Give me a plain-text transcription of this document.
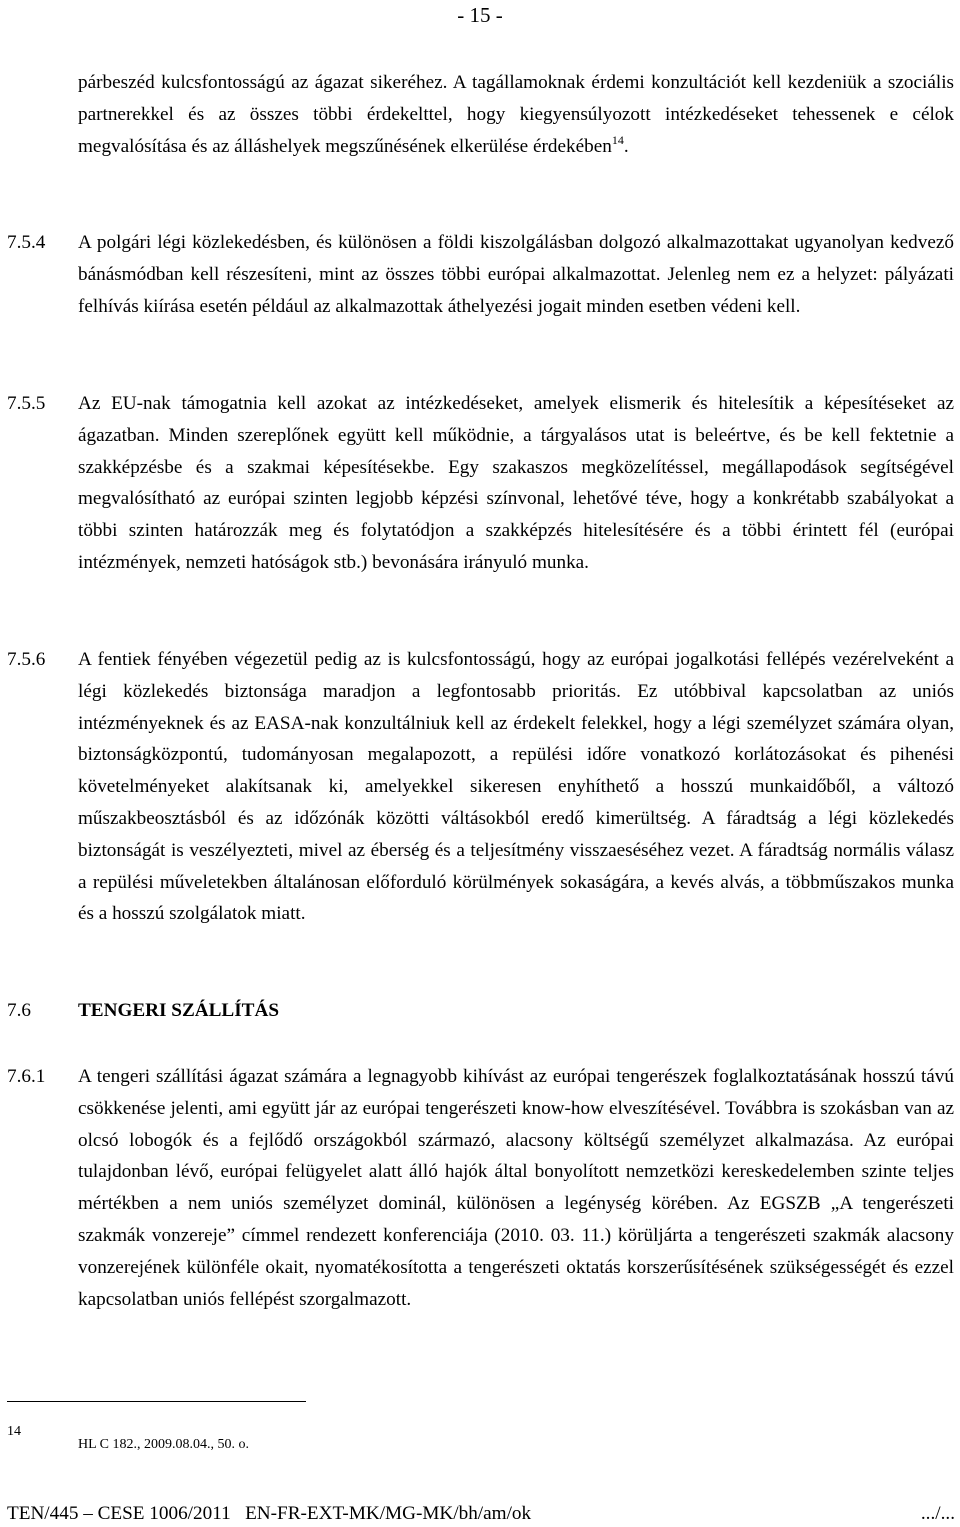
- 15 -
párbeszéd kulcsfontosságú az ágazat sikeréhez. A tagállamoknak érdemi konzultációt kell kezdeniük a szociális partnerekkel és az összes többi érdekelttel, hogy kiegyensúlyozott intézkedéseket tehessenek e célok megvalósítása és az álláshelyek megszűnésének elkerülése érdekében$^{14}$.
7.5.4 A polgári légi közlekedésben, és különösen a földi kiszolgálásban dolgozó alkalmazottakat ugyanolyan kedvező bánásmódban kell részesíteni, mint az összes többi európai alkalmazottat. Jelenleg nem ez a helyzet: pályázati felhívás kiírása esetén például az alkalmazottak áthelyezési jogait minden esetben védeni kell.
7.5.5 Az EU-nak támogatnia kell azokat az intézkedéseket, amelyek elismerik és hitelesítik a képesítéseket az ágazatban. Minden szereplőnek együtt kell működnie, a tárgyalásos utat is beleértve, és be kell fektetnie a szakképzésbe és a szakmai képesítésekbe. Egy szakaszos megközelítéssel, megállapodások segítségével megvalósítható az európai szinten legjobb képzési színvonal, lehetővé téve, hogy a konkrétabb szabályokat a többi szinten határozzák meg és folytatódjon a szakképzés hitelesítésére és a többi érintett fél (európai intézmények, nemzeti hatóságok stb.) bevonására irányuló munka.
7.5.6 A fentiek fényében végezetül pedig az is kulcsfontosságú, hogy az európai jogalkotási fellépés vezérelveként a légi közlekedés biztonsága maradjon a legfontosabb prioritás. Ez utóbbival kapcsolatban az uniós intézményeknek és az EASA-nak konzultálniuk kell az érdekelt felekkel, hogy a légi személyzet számára olyan, biztonságközpontú, tudományosan megalapozott, a repülési időre vonatkozó korlátozásokat és pihenési követelményeket alakítsanak ki, amelyekkel sikeresen enyhíthető a hosszú munkaidőből, a változó műszakbeosztásból és az időzónák közötti váltásokból eredő kimerültség. A fáradtság a légi közlekedés biztonságát is veszélyezteti, mivel az éberség és a teljesítmény visszaeséséhez vezet. A fáradtság normális válasz a repülési műveletekben általánosan előforduló körülmények sokaságára, a kevés alvás, a többműszakos munka és a hosszú szolgálatok miatt.
7.6 TENGERI SZÁLLÍTÁS
7.6.1 A tengeri szállítási ágazat számára a legnagyobb kihívást az európai tengerészek foglalkoztatásának hosszú távú csökkenése jelenti, ami együtt jár az európai tengerészeti know-how elveszítésével. Továbbra is szokásban van az olcsó lobogók és a fejlődő országokból származó, alacsony költségű személyzet alkalmazása. Az európai tulajdonban lévő, európai felügyelet alatt álló hajók által bonyolított nemzetközi kereskedelemben szinte teljes mértékben a nem uniós személyzet dominál, különösen a legénység körében. Az EGSZB „A tengerészeti szakmák vonzereje” címmel rendezett konferenciája (2010. 03. 11.) körüljárta a tengerészeti szakmák alacsony vonzerejének különféle okait, nyomatékosította a tengerészeti oktatás korszerűsítésének szükségességét és ezzel kapcsolatban uniós fellépést szorgalmazott.
14
HL C 182., 2009.08.04., 50. o.
TEN/445 – CESE 1006/2011   EN-FR-EXT-MK/MG-MK/bh/am/ok	.../...
